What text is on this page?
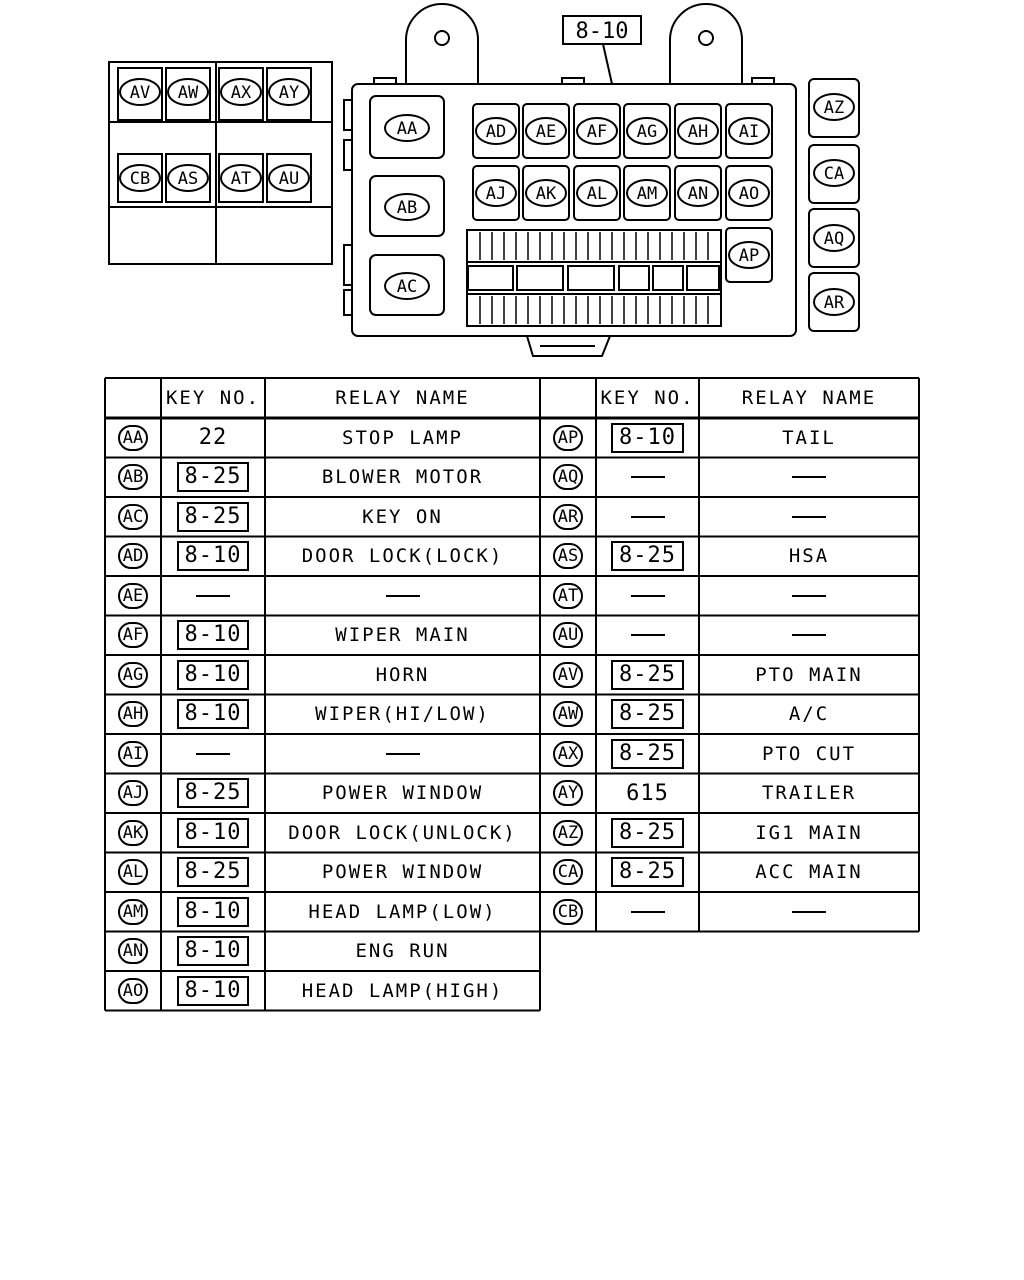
8-10
AV AW AX AY
CB AS AT AU
AA
AB
AC
AD AE AF AG AH AI
AJ AK AL AM AN AO
AP
AZ
CA
AQ
AR
KEY NO.	RELAY NAME
AA	22	STOP LAMP
AB	8-25	BLOWER MOTOR
AC	8-25	KEY ON
AD	8-10	DOOR LOCK(LOCK)
AE
AF	8-10	WIPER MAIN
AG	8-10	HORN
AH	8-10	WIPER(HI/LOW)
AI
AJ	8-25	POWER WINDOW
AK	8-10	DOOR LOCK(UNLOCK)
AL	8-25	POWER WINDOW
AM	8-10	HEAD LAMP(LOW)
AN	8-10	ENG RUN
AO	8-10	HEAD LAMP(HIGH)
KEY NO. RELAY NAME
AP	8-10	TAIL
AQ
AR
AS	8-25	HSA
AT
AU
AV	8-25	PTO MAIN
AW	8-25	A/C
AX	8-25	PTO CUT
AY 615	TRAILER
AZ	8-25	IG1 MAIN
CA	8-25	ACC MAIN
CB
